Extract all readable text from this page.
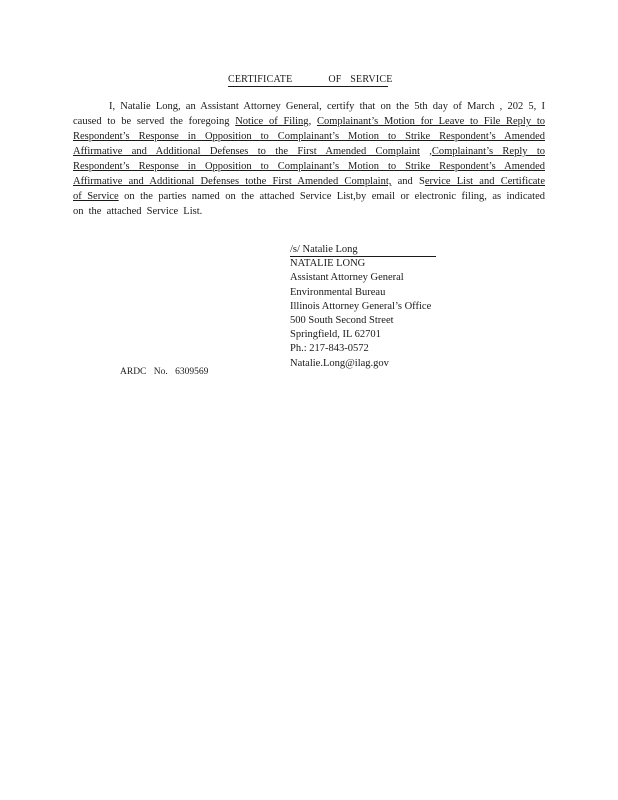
CERTIFICATE	OF SERVICE

I, Natalie Long, an Assistant Attorney General, certify that on the 5th day of March , 202 5, I caused to be served the foregoing Notice of Filing, Complainant’s Motion for Leave to File Reply to Respondent’s Response in Opposition to Complainant’s Motion to Strike Respondent’s Amended Affirmative and Additional Defenses to the First Amended Complaint ,Complainant’s Reply to Respondent’s Response in Opposition to Complainant’s Motion to Strike Respondent’s Amended Affirmative and Additional Defenses tothe First Amended Complaint, and Service List and Certificate of Service on the parties named on the attached Service List,by email or electronic filing, as indicated on the attached Service List.

/s/ Natalie Long
NATALIE LONG
Assistant Attorney General
Environmental Bureau
Illinois Attorney General’s Office
500 South Second Street
Springfield, IL 62701
Ph.: 217-843-0572
Natalie.Long@ilag.gov
ARDC No. 6309569
